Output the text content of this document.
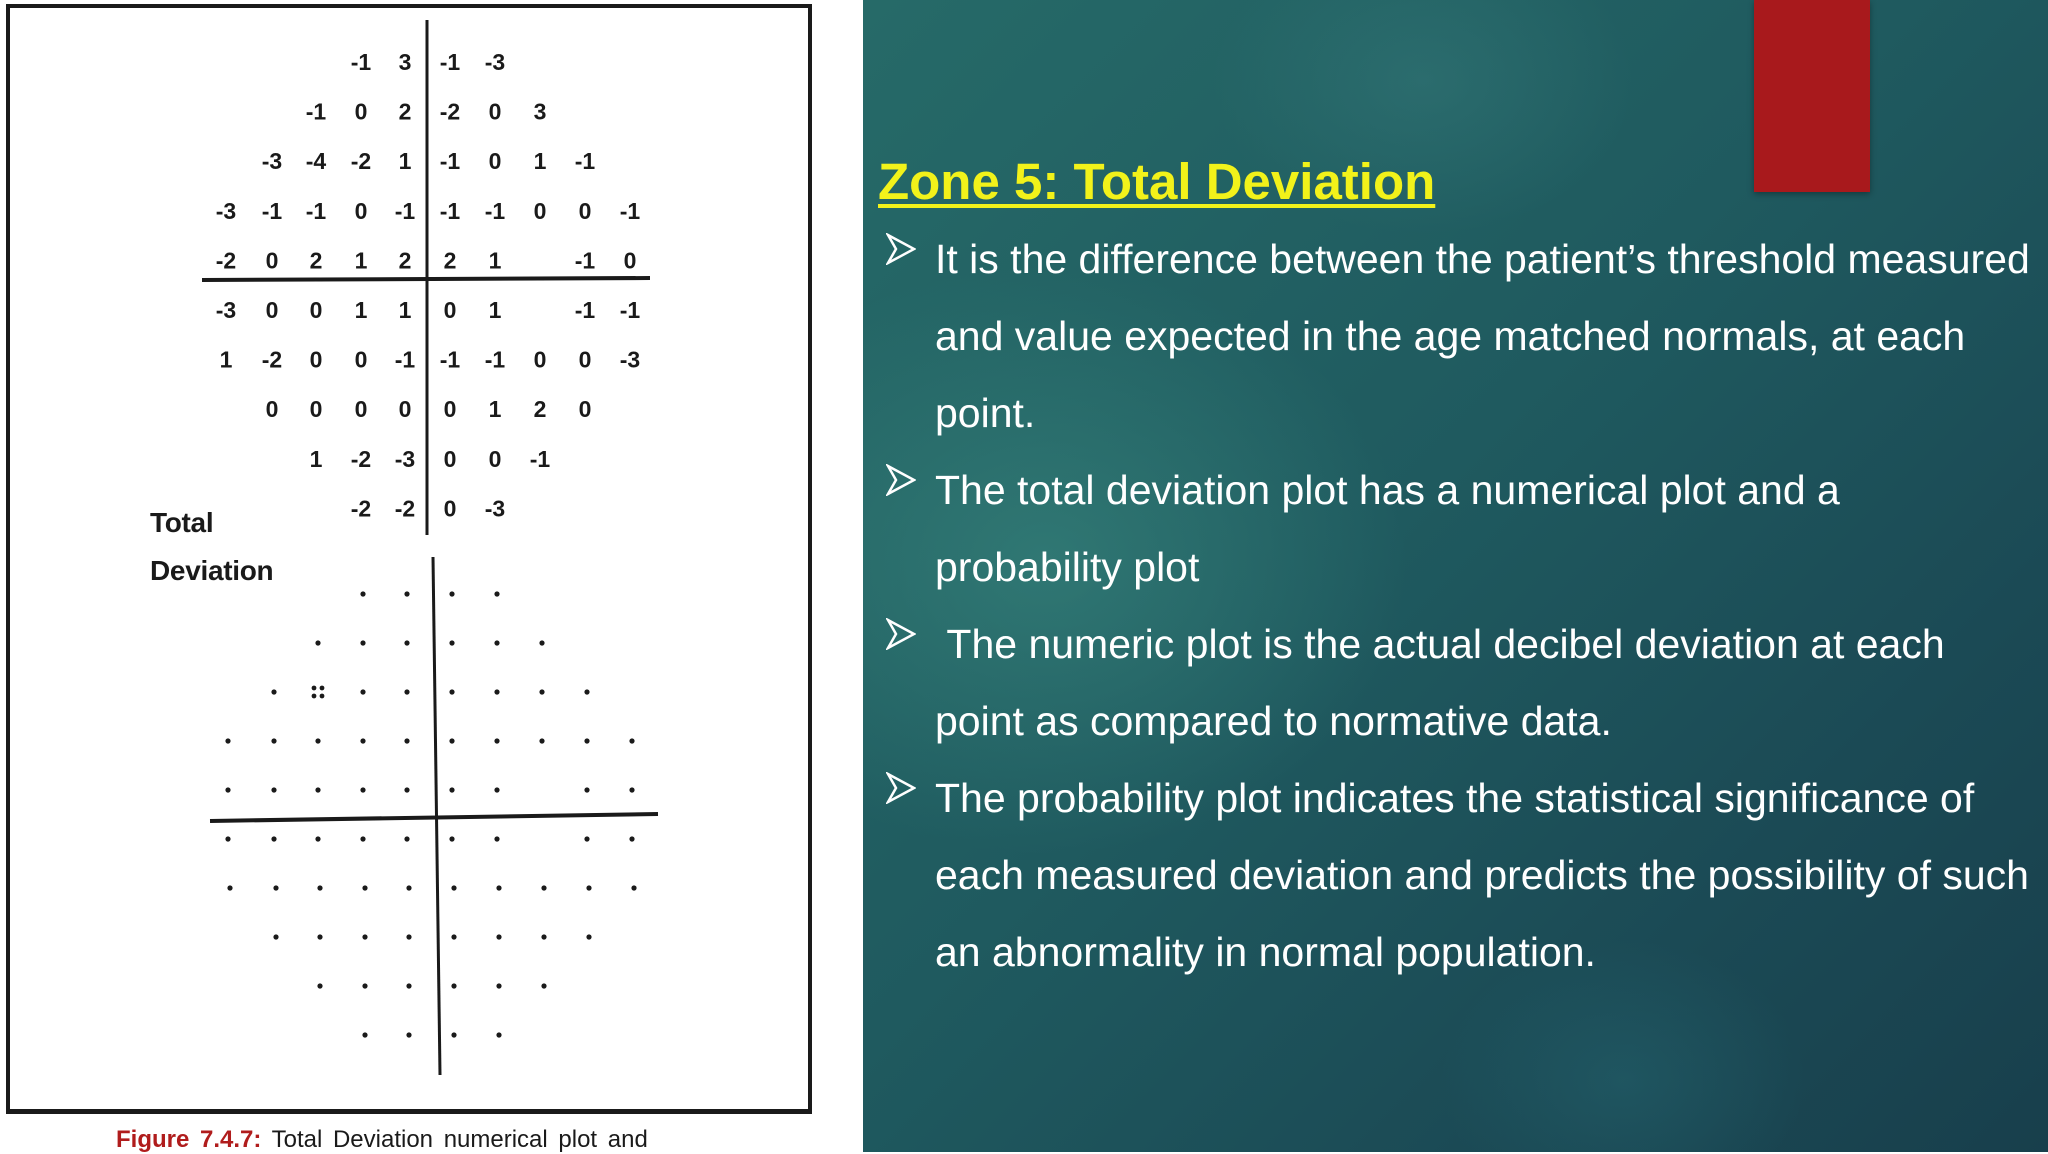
-1 3 -1 -3
-1 0 2 -2 0 3
-3 -4 -2 1 -1 0 1 -1
-3 -1 -1 0 -1 -1 -1 0 0 -1
-2 0 2 1 2 2 1	-1 0
-3 0 0 1 1 0 1	-1 -1
1 -2 0 0 -1 -1 -1 0 0 -3
0 0 0 0 0 1 2 0
1 -2 -3 0 0 -1
-2 -2 0 -3
Total
Deviation
Figure 7.4.7: Total Deviation numerical plot and
Zone 5: Total Deviation
It is the difference between the patient’s threshold measured and value expected in the age matched normals, at each point.
The total deviation plot has a numerical plot and a probability plot
The numeric plot is the actual decibel deviation at each point as compared to normative data.
The probability plot indicates the statistical significance of each measured deviation and predicts the possibility of such an abnormality in normal population.
